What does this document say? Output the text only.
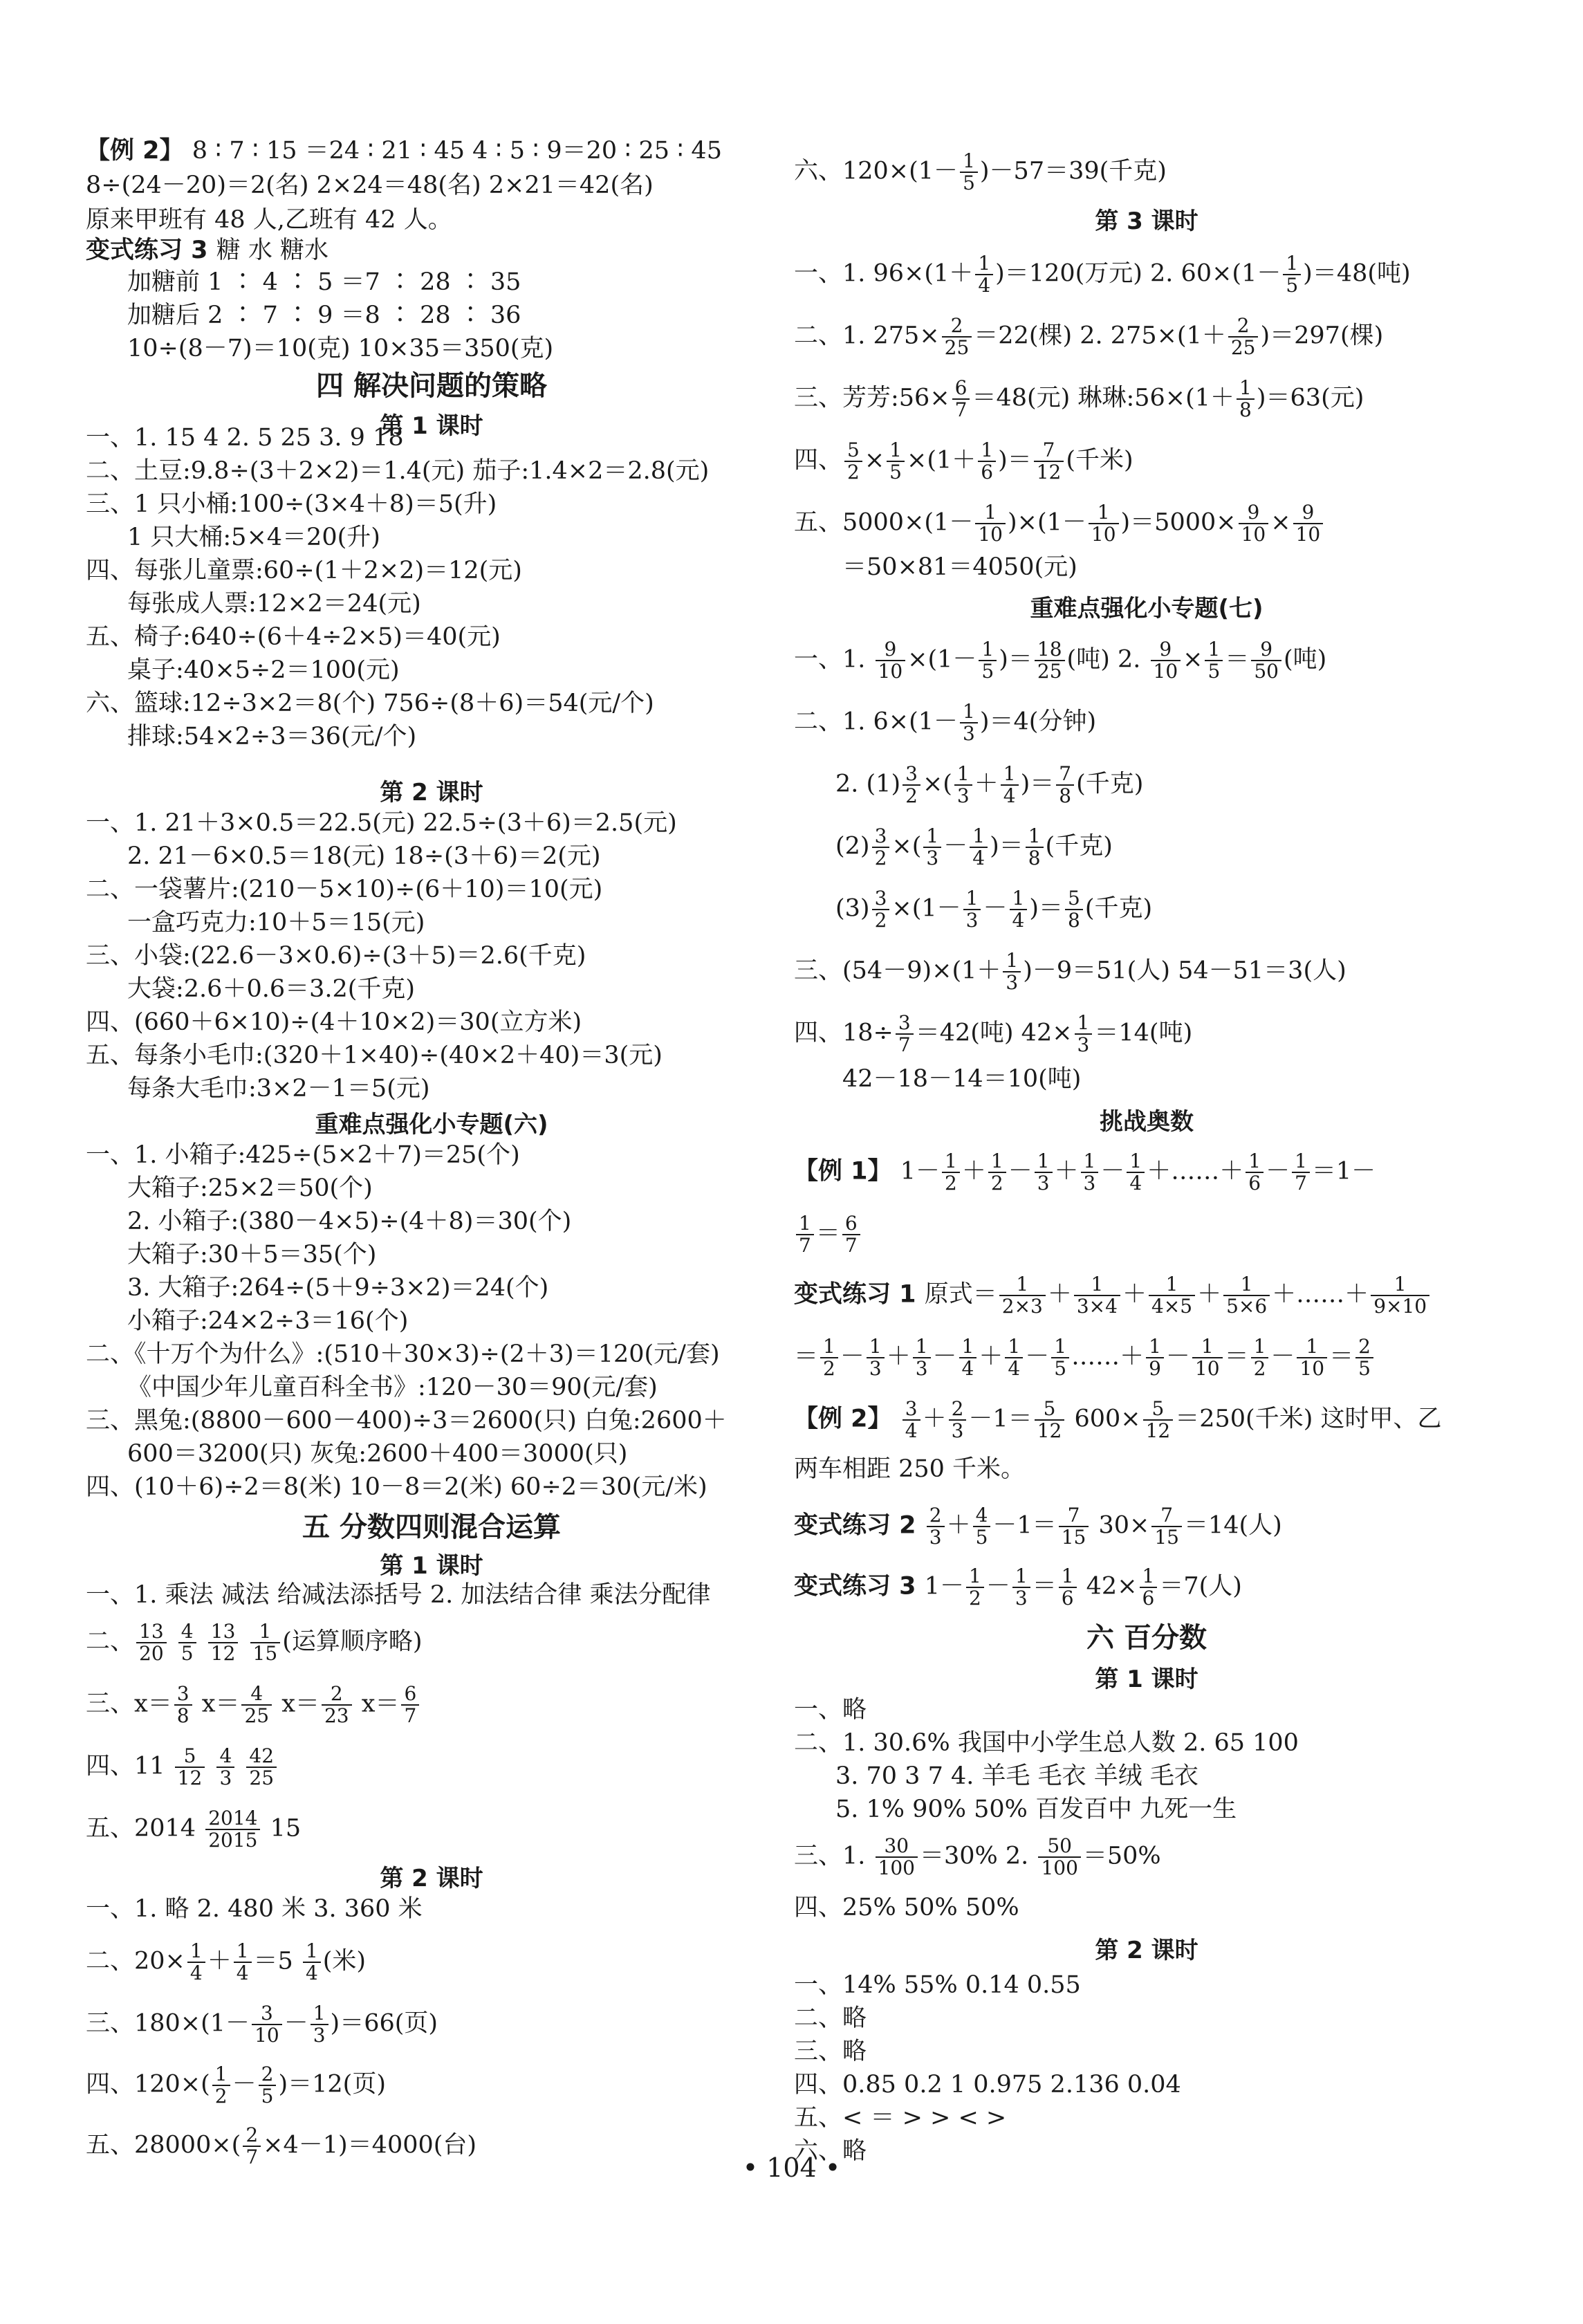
四 解决问题的策略
第 1 课时
第 2 课时
重难点强化小专题(六)
五 分数四则混合运算
第 1 课时
第 2 课时
【例 2】 8 ∶ 7 ∶ 15 ＝24 ∶ 21 ∶ 45 4 ∶ 5 ∶ 9＝20 ∶ 25 ∶ 45
8÷(24－20)＝2(名) 2×24＝48(名) 2×21＝42(名)
原来甲班有 48 人,乙班有 42 人。
变式练习 3 糖 水 糖水
加糖前 1 ∶ 4 ∶ 5 ＝7 ∶ 28 ∶ 35
加糖后 2 ∶ 7 ∶ 9 ＝8 ∶ 28 ∶ 36
10÷(8－7)＝10(克) 10×35＝350(克)
一、1. 15 4 2. 5 25 3. 9 18
二、土豆:9.8÷(3＋2×2)＝1.4(元) 茄子:1.4×2＝2.8(元)
三、1 只小桶:100÷(3×4＋8)＝5(升)
1 只大桶:5×4＝20(升)
四、每张儿童票:60÷(1＋2×2)＝12(元)
每张成人票:12×2＝24(元)
五、椅子:640÷(6＋4÷2×5)＝40(元)
桌子:40×5÷2＝100(元)
六、篮球:12÷3×2＝8(个) 756÷(8＋6)＝54(元/个)
排球:54×2÷3＝36(元/个)
一、1. 21＋3×0.5＝22.5(元) 22.5÷(3＋6)＝2.5(元)
2. 21－6×0.5＝18(元) 18÷(3＋6)＝2(元)
二、一袋薯片:(210－5×10)÷(6＋10)＝10(元)
一盒巧克力:10＋5＝15(元)
三、小袋:(22.6－3×0.6)÷(3＋5)＝2.6(千克)
大袋:2.6＋0.6＝3.2(千克)
四、(660＋6×10)÷(4＋10×2)＝30(立方米)
五、每条小毛巾:(320＋1×40)÷(40×2＋40)＝3(元)
每条大毛巾:3×2－1＝5(元)
一、1. 小箱子:425÷(5×2＋7)＝25(个)
大箱子:25×2＝50(个)
2. 小箱子:(380－4×5)÷(4＋8)＝30(个)
大箱子:30＋5＝35(个)
3. 大箱子:264÷(5＋9÷3×2)＝24(个)
小箱子:24×2÷3＝16(个)
二、《十万个为什么》:(510＋30×3)÷(2＋3)＝120(元/套)
《中国少年儿童百科全书》:120－30＝90(元/套)
三、黑兔:(8800－600－400)÷3＝2600(只) 白兔:2600＋
600＝3200(只) 灰兔:2600＋400＝3000(只)
四、(10＋6)÷2＝8(米) 10－8＝2(米) 60÷2＝30(元/米)
一、1. 乘法 减法 给减法添括号 2. 加法结合律 乘法分配律
二、 $\frac{13}{20}$
$\frac{4}{5}$
$\frac{13}{12}$
$\frac{1}{15}$ (运算顺序略)
三、$x= \frac{3}{8} x= \frac{4}{25} x= \frac{2}{23} x= \frac{6}{7}$
四、$11 \frac{5}{12}$
$\frac{4}{3}$
$\frac{42}{25}$
五、$2014 \frac{2014}{2015} 15$
一、1. 略 2. 480 米 3. 360 米
二、$20\times \frac{1}{4} + \frac{1}{4} =5 \frac{1}{4}$ (米)
三、$180\times(1- \frac{3}{10} - \frac{1}{3} )=66$(页)
四、$120\times( \frac{1}{2} - \frac{2}{5} )=12$(页)
五、$28000\times( \frac{2}{7} \times 4-1)=4000$(台)
第 3 课时
重难点强化小专题(七)
挑战奥数
六 百分数
第 1 课时
第 2 课时
六、$120\times(1- \frac{1}{5} )-57=39$(千克)
一、1. $96\times(1+ \frac{1}{4} )=120$(万元) 2. $60\times(1- \frac{1}{5} )=48$(吨)
二、1. $275\times \frac{2}{25} =22$(棵) 2. $275\times(1+ \frac{2}{25} )=297$(棵)
三、芳芳:56× $\frac{6}{7} =48$(元) 琳琳:56×(1＋ $\frac{1}{8} )=63$(元)
四、 $\frac{5}{2} \times \frac{1}{5} \times(1+ \frac{1}{6}$ )＝ $\frac{7}{12}$ (千米)
五、$5000\times(1- \frac{1}{10} )\times(1- \frac{1}{10} )=5000\times \frac{9}{10} \times \frac{9}{10}$
＝50×81＝4050(元)
一、1. $\frac{9}{10} \times(1- \frac{1}{5}$ )＝ $\frac{18}{25}$ (吨) 2. $\frac{9}{10} \times \frac{1}{5} = \frac{9}{50}$ (吨)
二、1. $6\times(1- \frac{1}{3} )=4$(分钟)
2. $(1) \frac{3}{2}$ ×( $\frac{1}{3} + \frac{1}{4}$ )＝ $\frac{7}{8}$ (千克)
$(2) \frac{3}{2}$ ×( $\frac{1}{3} - \frac{1}{4}$ )＝ $\frac{1}{8}$ (千克)
$(3) \frac{3}{2} \times(1- \frac{1}{3} - \frac{1}{4}$ )＝ $\frac{5}{8}$ (千克)
三、$(54-9)\times(1+ \frac{1}{3} )-9=51$(人) 54－51＝3(人)
四、$18\div \frac{3}{7} =42$(吨) $42\times \frac{1}{3} =14$(吨)
42－18－14＝10(吨)
【例 1】 $1- \frac{1}{2} + \frac{1}{2} - \frac{1}{3} + \frac{1}{3} - \frac{1}{4}$ ＋……＋ $\frac{1}{6} - \frac{1}{7} =1-$
$\frac{1}{7} = \frac{6}{7}$
变式练习 1 原式＝ $\frac{1}{2\times 3} + \frac{1}{3\times 4} + \frac{1}{4\times 5} + \frac{1}{5\times 6}$ ＋……＋ $\frac{1}{9\times 10}$
＝ $\frac{1}{2} - \frac{1}{3} + \frac{1}{3} - \frac{1}{4} + \frac{1}{4} - \frac{1}{5}$ ……＋ $\frac{1}{9} - \frac{1}{10} = \frac{1}{2} - \frac{1}{10} = \frac{2}{5}$
【例 2】 $\frac{3}{4} + \frac{2}{3} -1= \frac{5}{12} 600\times \frac{5}{12} =250$(千米) 这时甲、乙
两车相距 250 千米。
变式练习 $2 \frac{2}{3} + \frac{4}{5} -1= \frac{7}{15} 30\times \frac{7}{15} =14$(人)
变式练习 3 $1- \frac{1}{2} - \frac{1}{3} = \frac{1}{6} 42\times \frac{1}{6} =7$(人)
一、略
二、1. 30.6% 我国中小学生总人数 2. 65 100
3. 70 3 7 4. 羊毛 毛衣 羊绒 毛衣
5. 1% 90% 50% 百发百中 九死一生
三、1. $\frac{30}{100} =30\%$ 2. $\frac{50}{100} =50\%$
四、25% 50% 50%
一、14% 55% 0.14 0.55
二、略
三、略
四、0.85 0.2 1 0.975 2.136 0.04
五、< ＝ > > < >
六、略
• 104 •
